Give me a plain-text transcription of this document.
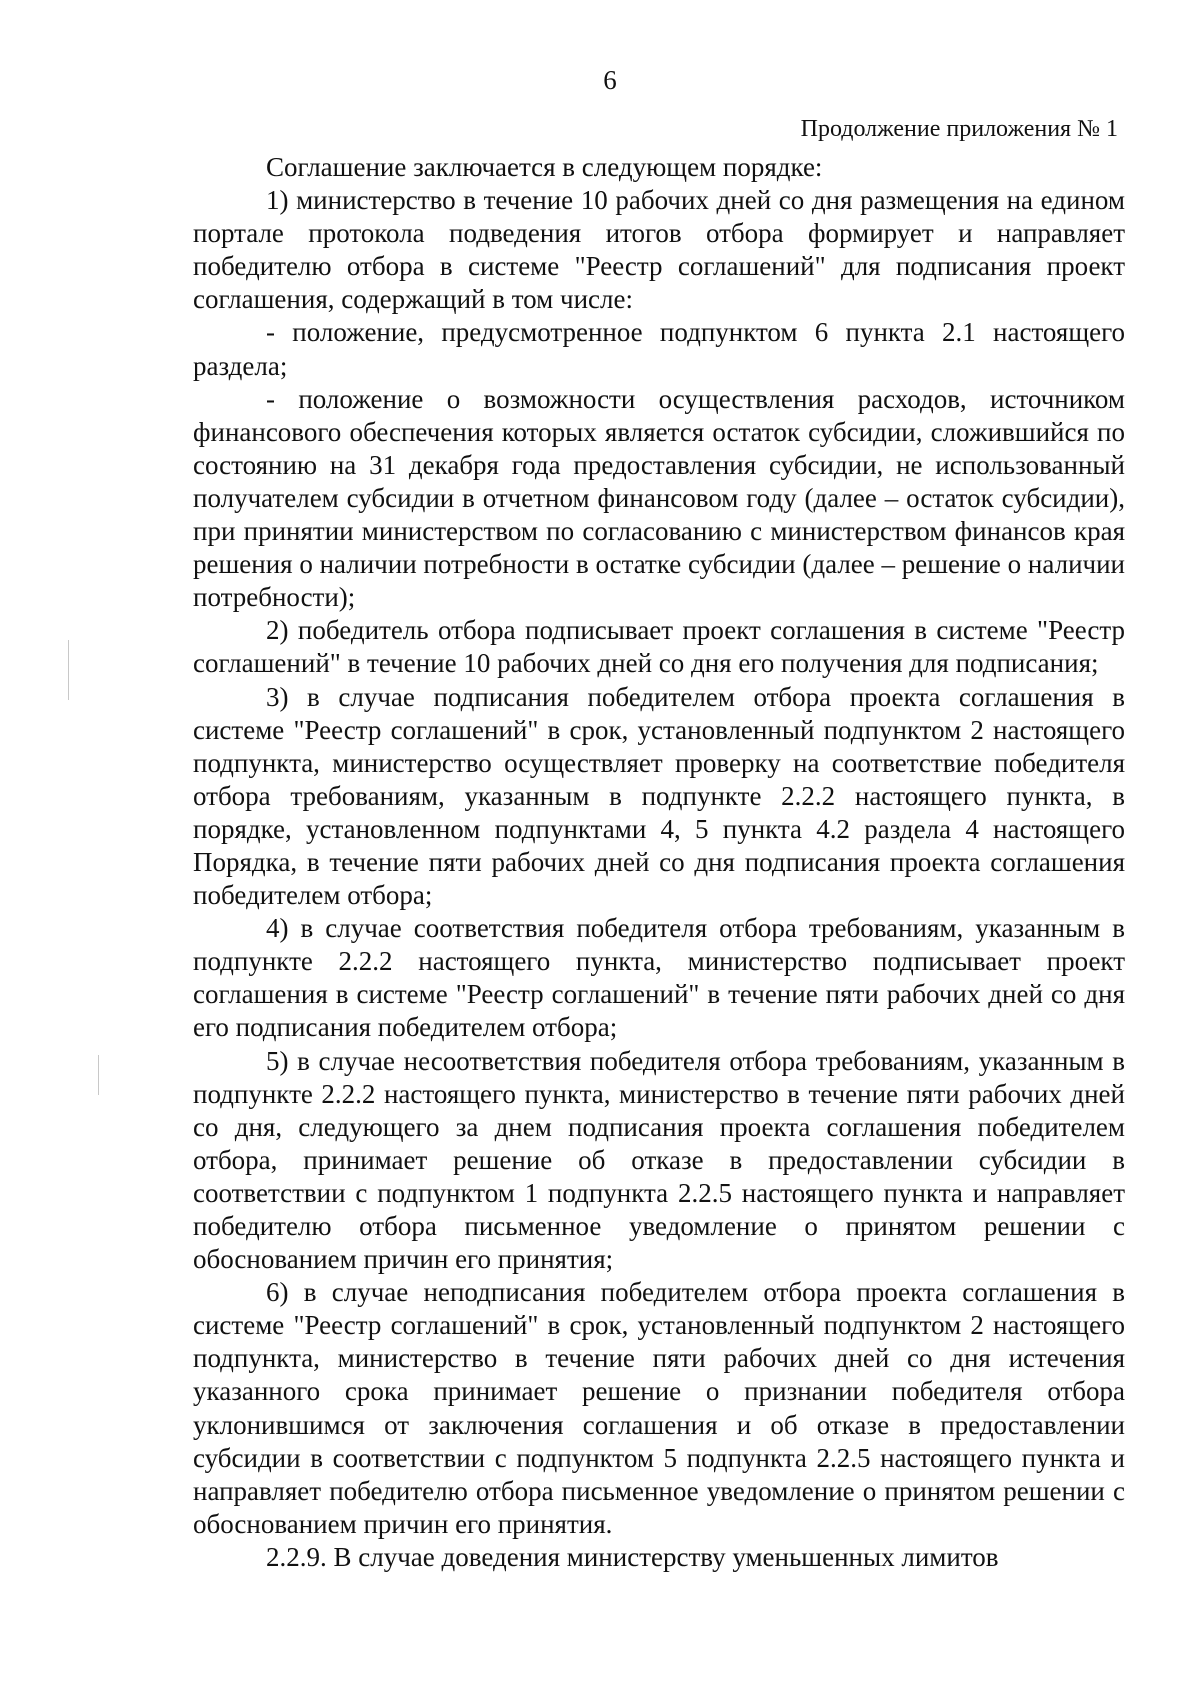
6
Продолжение приложения № 1

Соглашение заключается в следующем порядке:

1) министерство в течение 10 рабочих дней со дня размещения на едином портале протокола подведения итогов отбора формирует и направляет победителю отбора в системе "Реестр соглашений" для подписания проект соглашения, содержащий в том числе:

- положение, предусмотренное подпунктом 6 пункта 2.1 настоящего раздела;

- положение о возможности осуществления расходов, источником финансового обеспечения которых является остаток субсидии, сложившийся по состоянию на 31 декабря года предоставления субсидии, не использованный получателем субсидии в отчетном финансовом году (далее – остаток субсидии), при принятии министерством по согласованию с министерством финансов края решения о наличии потребности в остатке субсидии (далее – решение о наличии потребности);

2) победитель отбора подписывает проект соглашения в системе "Реестр соглашений" в течение 10 рабочих дней со дня его получения для подписания;

3) в случае подписания победителем отбора проекта соглашения в системе "Реестр соглашений" в срок, установленный подпунктом 2 настоящего подпункта, министерство осуществляет проверку на соответствие победителя отбора требованиям, указанным в подпункте 2.2.2 настоящего пункта, в порядке, установленном подпунктами 4, 5 пункта 4.2 раздела 4 настоящего Порядка, в течение пяти рабочих дней со дня подписания проекта соглашения победителем отбора;

4) в случае соответствия победителя отбора требованиям, указанным в подпункте 2.2.2 настоящего пункта, министерство подписывает проект соглашения в системе "Реестр соглашений" в течение пяти рабочих дней со дня его подписания победителем отбора;

5) в случае несоответствия победителя отбора требованиям, указанным в подпункте 2.2.2 настоящего пункта, министерство в течение пяти рабочих дней со дня, следующего за днем подписания проекта соглашения победителем отбора, принимает решение об отказе в предоставлении субсидии в соответствии с подпунктом 1 подпункта 2.2.5 настоящего пункта и направляет победителю отбора письменное уведомление о принятом решении с обоснованием причин его принятия;

6) в случае неподписания победителем отбора проекта соглашения в системе "Реестр соглашений" в срок, установленный подпунктом 2 настоящего подпункта, министерство в течение пяти рабочих дней со дня истечения указанного срока принимает решение о признании победителя отбора уклонившимся от заключения соглашения и об отказе в предоставлении субсидии в соответствии с подпунктом 5 подпункта 2.2.5 настоящего пункта и направляет победителю отбора письменное уведомление о принятом решении с обоснованием причин его принятия.

2.2.9. В случае доведения министерству уменьшенных лимитов
